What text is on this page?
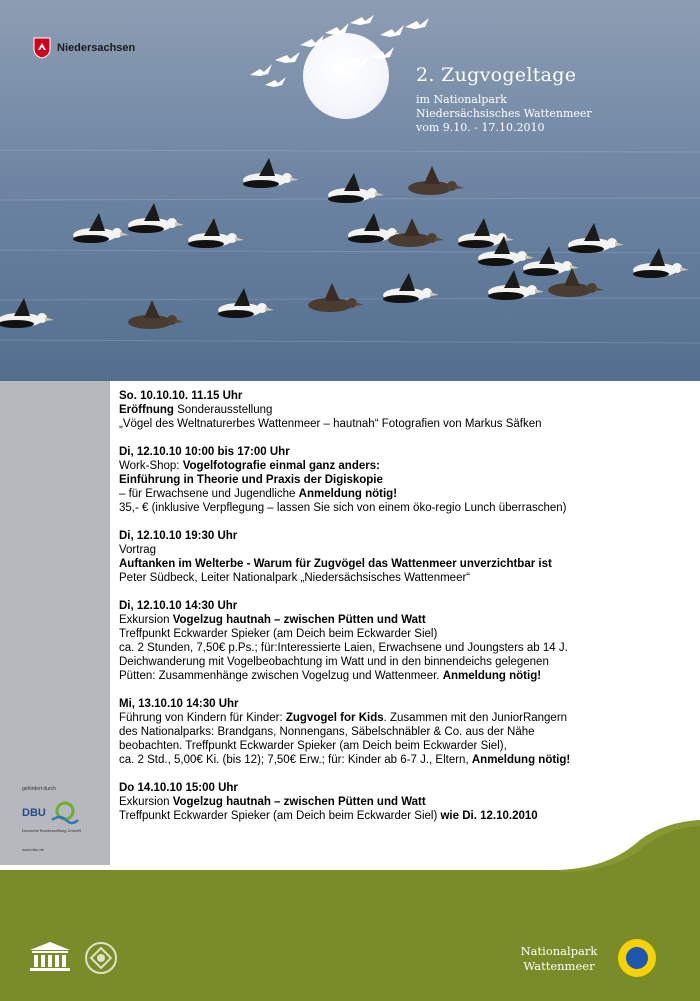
Niedersachsen
2. Zugvogeltage
im Nationalpark
Niedersächsisches Wattenmeer
vom 9.10. - 17.10.2010
gefördert durch
DBU
Deutsche Bundesstiftung Umwelt
www.dbu.de

So. 10.10.10. 11.15 Uhr

Eröffnung Sonderausstellung

„Vögel des Weltnaturerbes Wattenmeer – hautnah“ Fotografien von Markus Säfken

Di, 12.10.10 10:00 bis 17:00 Uhr

Work-Shop: Vogelfotografie einmal ganz anders:

Einführung in Theorie und Praxis der Digiskopie

– für Erwachsene und Jugendliche Anmeldung nötig!

35,- € (inklusive Verpflegung – lassen Sie sich von einem öko-regio Lunch überraschen)

Di, 12.10.10 19:30 Uhr

Vortrag

Auftanken im Welterbe - Warum für Zugvögel das Wattenmeer unverzichtbar ist

Peter Südbeck, Leiter Nationalpark „Niedersächsisches Wattenmeer“

Di, 12.10.10 14:30 Uhr

Exkursion Vogelzug hautnah – zwischen Pütten und Watt

Treffpunkt Eckwarder Spieker (am Deich beim Eckwarder Siel)

ca. 2 Stunden, 7,50€ p.Ps.; für:Interessierte Laien, Erwachsene und Joungsters ab 14 J.

Deichwanderung mit Vogelbeobachtung im Watt und in den binnendeichs gelegenen

Pütten: Zusammenhänge zwischen Vogelzug und Wattenmeer. Anmeldung nötig!

Mi, 13.10.10 14:30 Uhr

Führung von Kindern für Kinder: Zugvogel for Kids. Zusammen mit den JuniorRangern

des Nationalparks: Brandgans, Nonnengans, Säbelschnäbler & Co. aus der Nähe

beobachten. Treffpunkt Eckwarder Spieker (am Deich beim Eckwarder Siel),

ca. 2 Std., 5,00€ Ki. (bis 12); 7,50€ Erw.; für: Kinder ab 6-7 J., Eltern, Anmeldung nötig!

Do 14.10.10 15:00 Uhr

Exkursion Vogelzug hautnah – zwischen Pütten und Watt

Treffpunkt Eckwarder Spieker (am Deich beim Eckwarder Siel) wie Di. 12.10.2010

Nationalpark
Wattenmeer
